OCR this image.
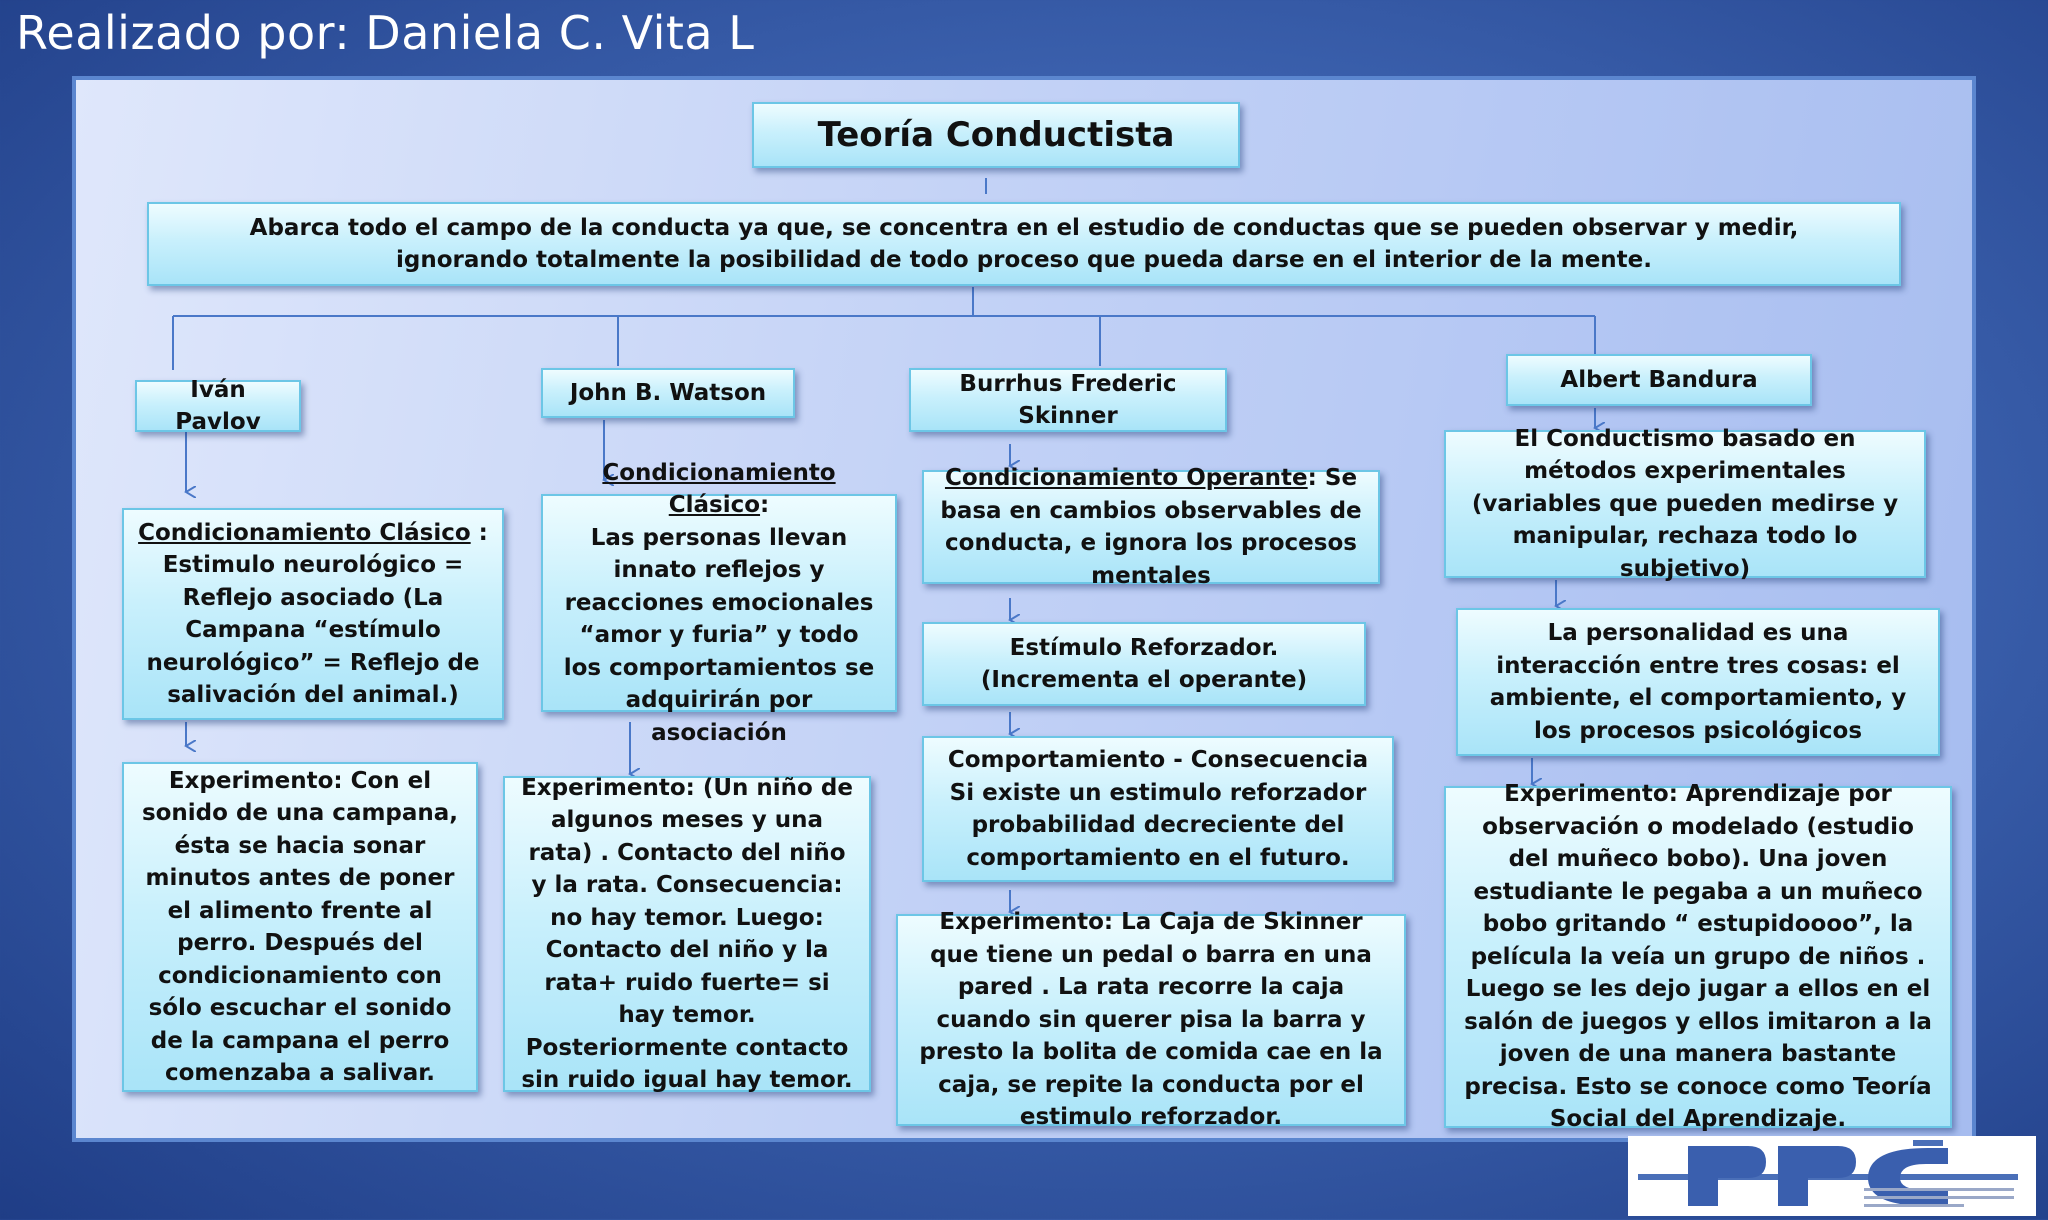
Realizado por: Daniela C. Vita L
Teoría Conductista
Abarca todo el campo de la conducta ya que, se concentra en el estudio de conductas que se pueden observar y medir, ignorando totalmente la posibilidad de todo proceso que pueda darse en el interior de la mente.
Iván Pavlov

Condicionamiento Clásico :

Estimulo neurológico = Reflejo asociado (La Campana “estímulo neurológico” = Reflejo de salivación del animal.)

Experimento: Con el sonido de una campana, ésta se hacia sonar minutos antes de poner el alimento frente al perro. Después del condicionamiento con sólo escuchar el sonido de la campana el perro comenzaba a salivar.
John B. Watson

Condicionamiento Clásico:

Las personas llevan innato reflejos y reacciones emocionales “amor y furia” y todo los comportamientos se adquirirán por asociación

Experimento: (Un niño de algunos meses y una rata) . Contacto del niño y la rata. Consecuencia: no hay temor. Luego: Contacto del niño y la rata+ ruido fuerte= si hay temor. Posteriormente contacto sin ruido igual hay temor.
Burrhus Frederic Skinner

Condicionamiento Operante: Se basa en cambios observables de conducta, e ignora los procesos mentales

Estímulo Reforzador. (Incrementa el operante)

Comportamiento - Consecuencia

Si existe un estimulo reforzador probabilidad decreciente del comportamiento en el futuro.

Experimento: La Caja de Skinner que tiene un pedal o barra en una pared . La rata recorre la caja cuando sin querer pisa la barra y presto la bolita de comida cae en la caja, se repite la conducta por el estimulo reforzador.
Albert Bandura
El Conductismo basado en métodos experimentales (variables que pueden medirse y manipular, rechaza todo lo subjetivo)
La personalidad es una interacción entre tres cosas: el ambiente, el comportamiento, y los procesos psicológicos
Experimento: Aprendizaje por observación o modelado (estudio del muñeco bobo). Una joven estudiante le pegaba a un muñeco bobo gritando “ estupidoooo”, la película la veía un grupo de niños . Luego se les dejo jugar a ellos en el salón de juegos y ellos imitaron a la joven de una manera bastante precisa. Esto se conoce como Teoría Social del Aprendizaje.
